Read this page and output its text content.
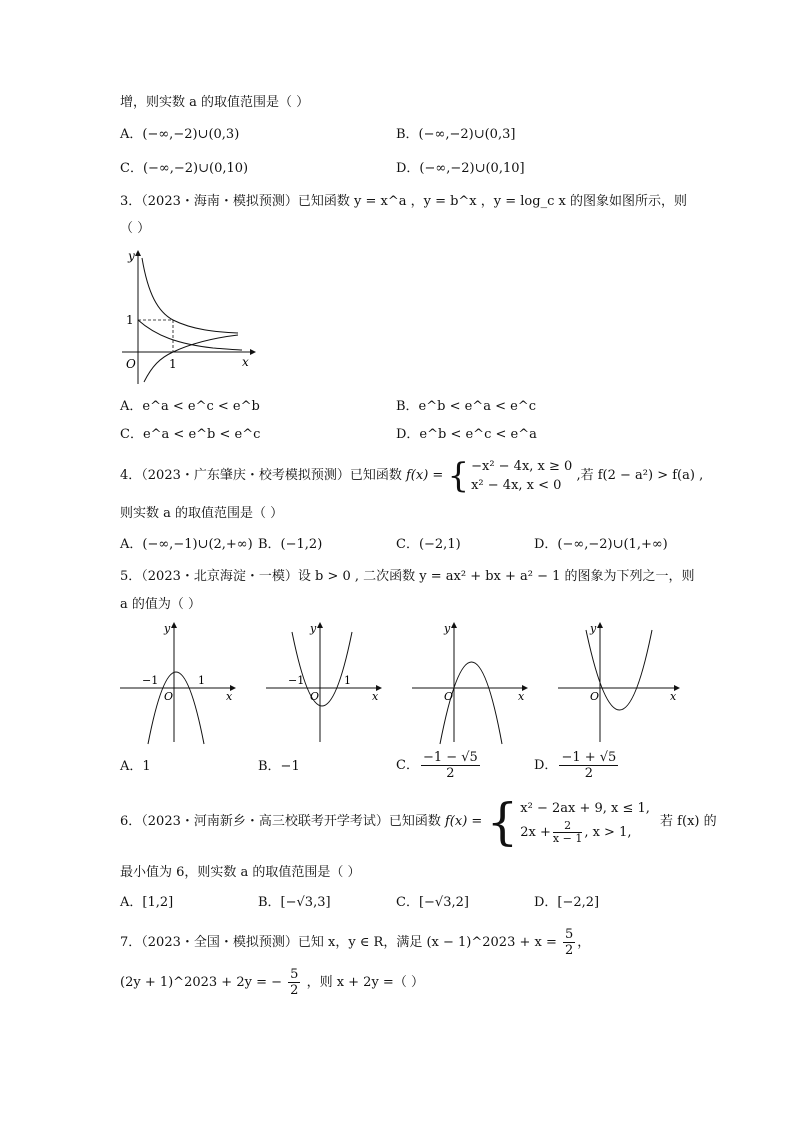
增，则实数 a 的取值范围是（ ）
A．(−∞,−2)∪(0,3)	B．(−∞,−2)∪(0,3]
C．(−∞,−2)∪(0,10)	D．(−∞,−2)∪(0,10]
3．（2023・海南・模拟预测）已知函数 y = x^a ，y = b^x ，y = log_c x 的图象如图所示，则
（ ）
y
x
O	1
1
A．e^a < e^c < e^b	B．e^b < e^a < e^c
C．e^a < e^b < e^c	D．e^b < e^c < e^a
4．（2023・广东肇庆・校考模拟预测）已知函数 f(x) = { −x² − 4x, x ≥ 0
x² − 4x, x < 0
,若 f(2 − a²) > f(a) ,
则实数 a 的取值范围是（ ）
A．(−∞,−1)∪(2,+∞) B．(−1,2)	C．(−2,1)	D．(−∞,−2)∪(1,+∞)
5．（2023・北京海淀・一模）设 b > 0 , 二次函数 y = ax² + bx + a² − 1 的图象为下列之一，则
a 的值为（ ）
y
x
O
−1	1
y
x
O
−1	1
y
x
O
y
x
O
A．1	B．−1	C． $\frac{-1 - √5}{2}$	D． $\frac{-1 + √5}{2}$
6．（2023・河南新乡・高三校联考开学考试）已知函数 f(x) = { x² − 2ax + 9, x ≤ 1,
$2x + \frac{2}{x - 1}$ , x > 1,
若 f(x) 的
最小值为 6，则实数 a 的取值范围是（ ）
A．[1,2]	B．[−√3,3]	C．[−√3,2]	D．[−2,2]
7．（2023・全国・模拟预测）已知 x，y ∈ R，满足 (x − 1)^2023 + $x = \frac{5}{2}$ ，
(2y + 1)^2023 + 2y = − $\frac{5}{2}$ ，则 x + 2y =（ ）
